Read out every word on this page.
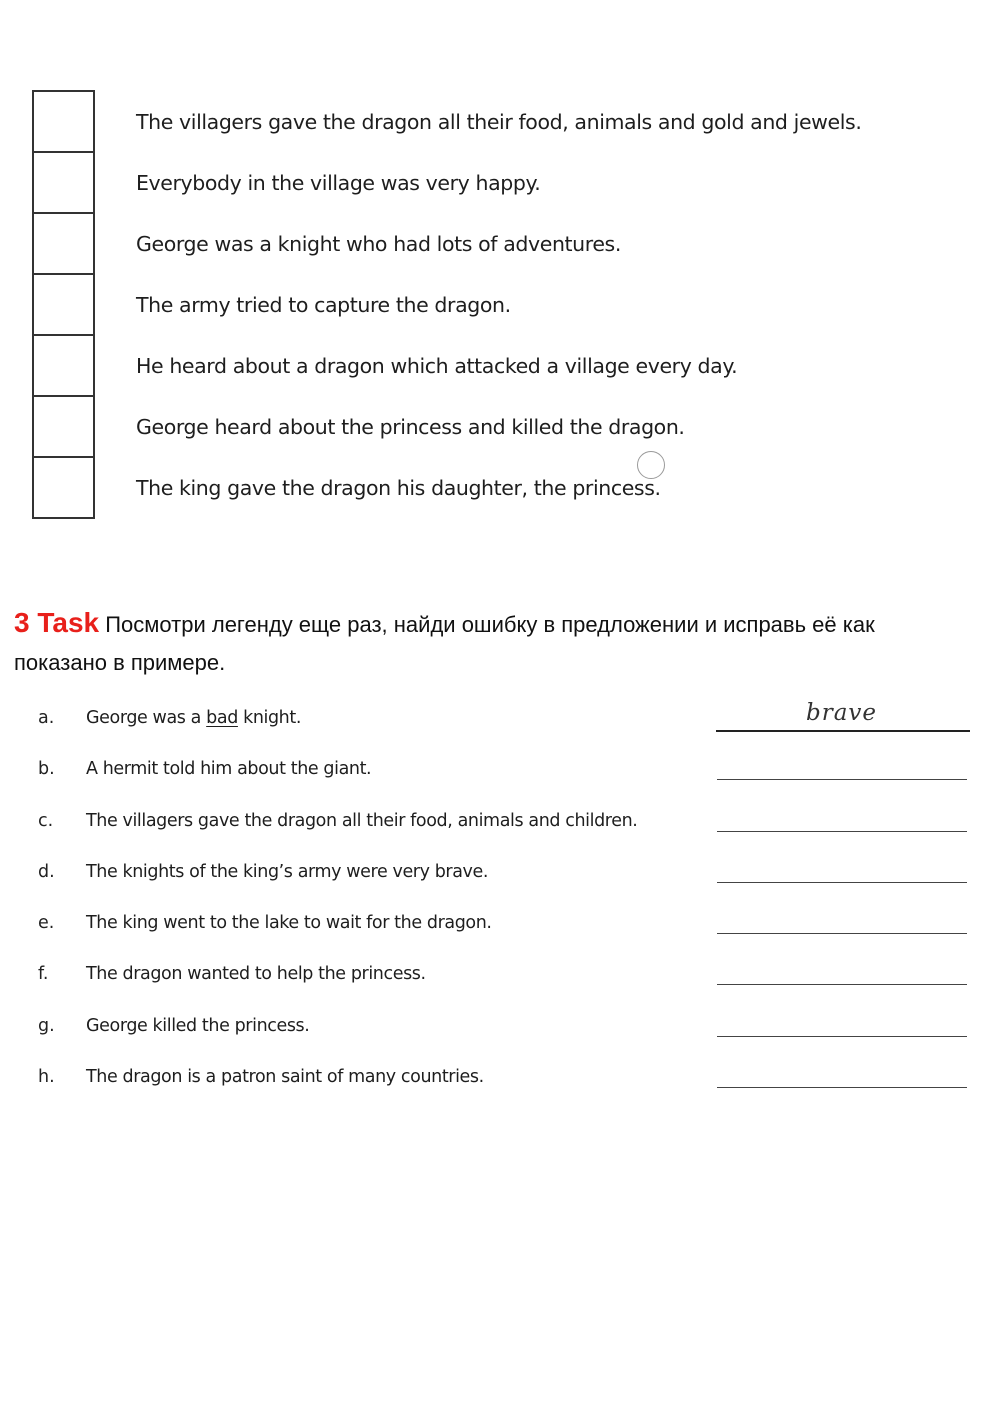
	The villagers gave the dragon all their food, animals and gold and jewels.
	Everybody in the village was very happy.
	George was a knight who had lots of adventures.
	The army tried to capture the dragon.
	He heard about a dragon which attacked a village every day.
	George heard about the princess and killed the dragon.
	The king gave the dragon his daughter, the princess.
3 Task Посмотри легенду еще раз, найди ошибку в предложении и исправь её как показано в примере.
a. George was a bad knight.	brave
b. A hermit told him about the giant.
c. The villagers gave the dragon all their food, animals and children.
d. The knights of the king’s army were very brave.
e. The king went to the lake to wait for the dragon.
f. The dragon wanted to help the princess.
g. George killed the princess.
h. The dragon is a patron saint of many countries.
